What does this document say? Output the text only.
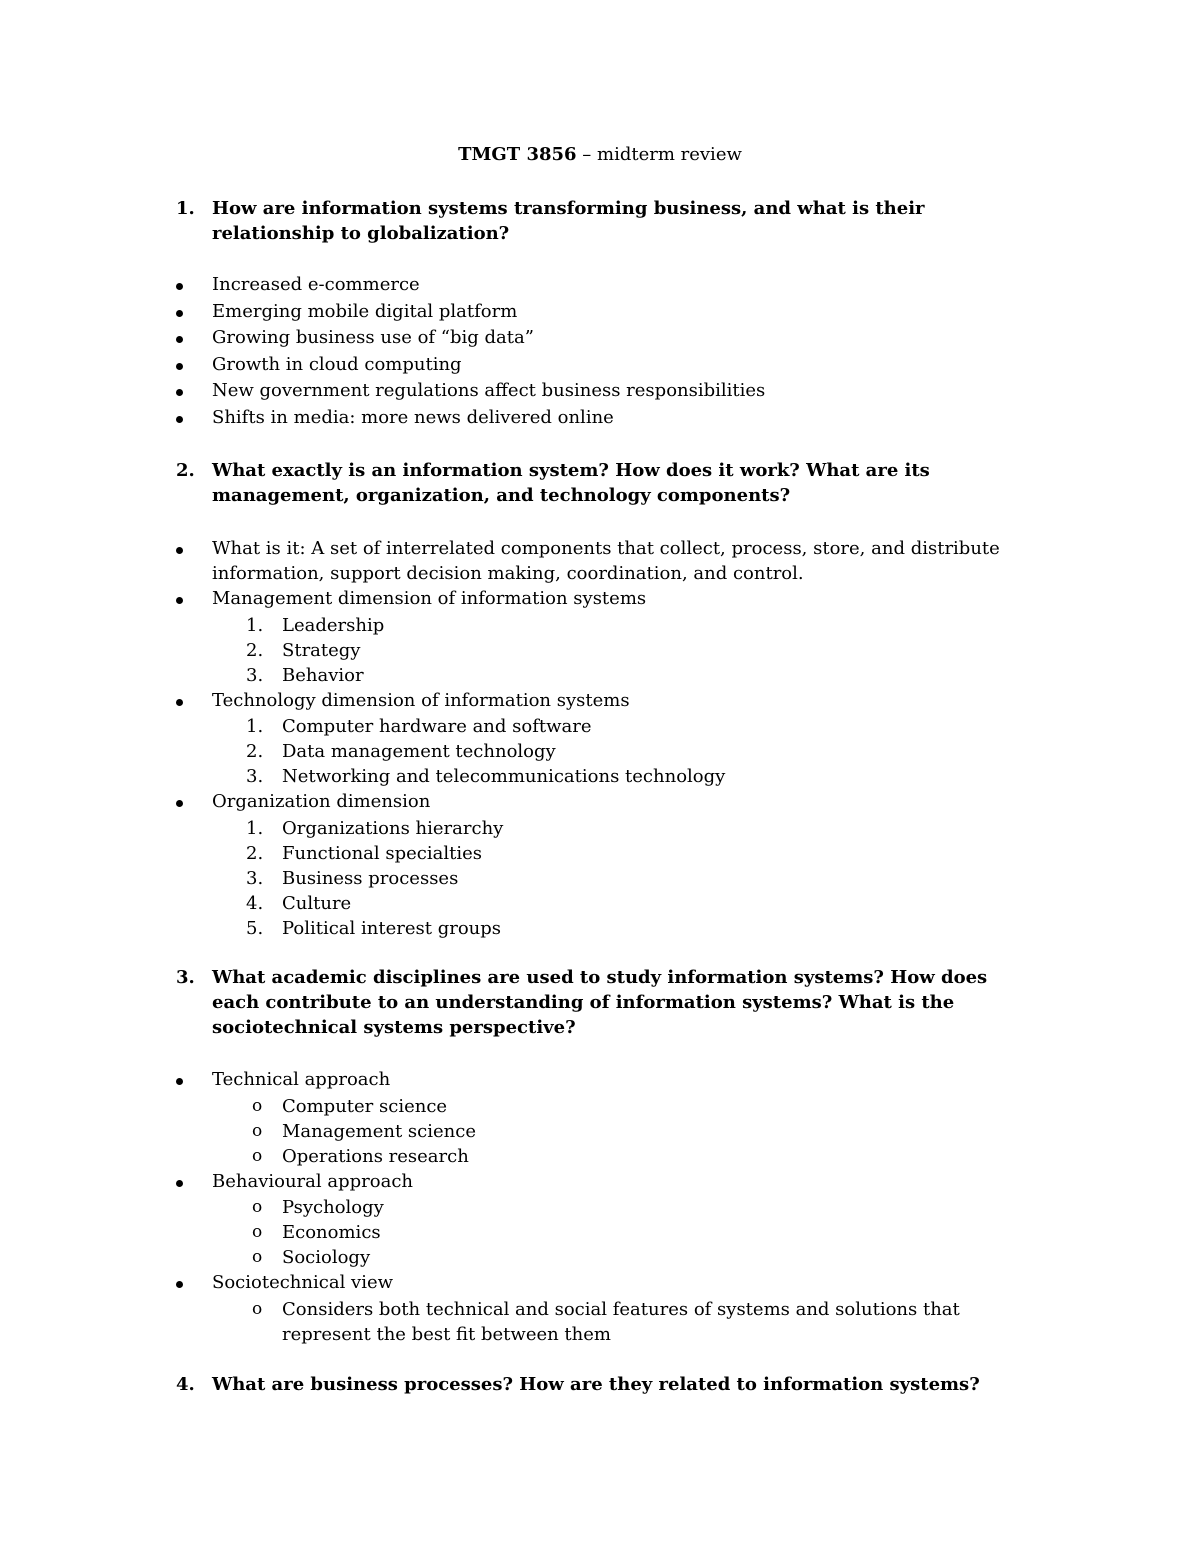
TMGT 3856 – midterm review
1. How are information systems transforming business, and what is their relationship to globalization?
Increased e-commerce
Emerging mobile digital platform
Growing business use of “big data”
Growth in cloud computing
New government regulations affect business responsibilities
Shifts in media: more news delivered online
2. What exactly is an information system? How does it work? What are its management, organization, and technology components?
What is it: A set of interrelated components that collect, process, store, and distribute information, support decision making, coordination, and control.
Management dimension of information systems
1. Leadership
2. Strategy
3. Behavior
Technology dimension of information systems
1. Computer hardware and software
2. Data management technology
3. Networking and telecommunications technology
Organization dimension
1. Organizations hierarchy
2. Functional specialties
3. Business processes
4. Culture
5. Political interest groups
3. What academic disciplines are used to study information systems? How does each contribute to an understanding of information systems? What is the sociotechnical systems perspective?
Technical approach
o Computer science
o Management science
o Operations research
Behavioural approach
o Psychology
o Economics
o Sociology
Sociotechnical view
o Considers both technical and social features of systems and solutions that represent the best fit between them
4. What are business processes? How are they related to information systems?
